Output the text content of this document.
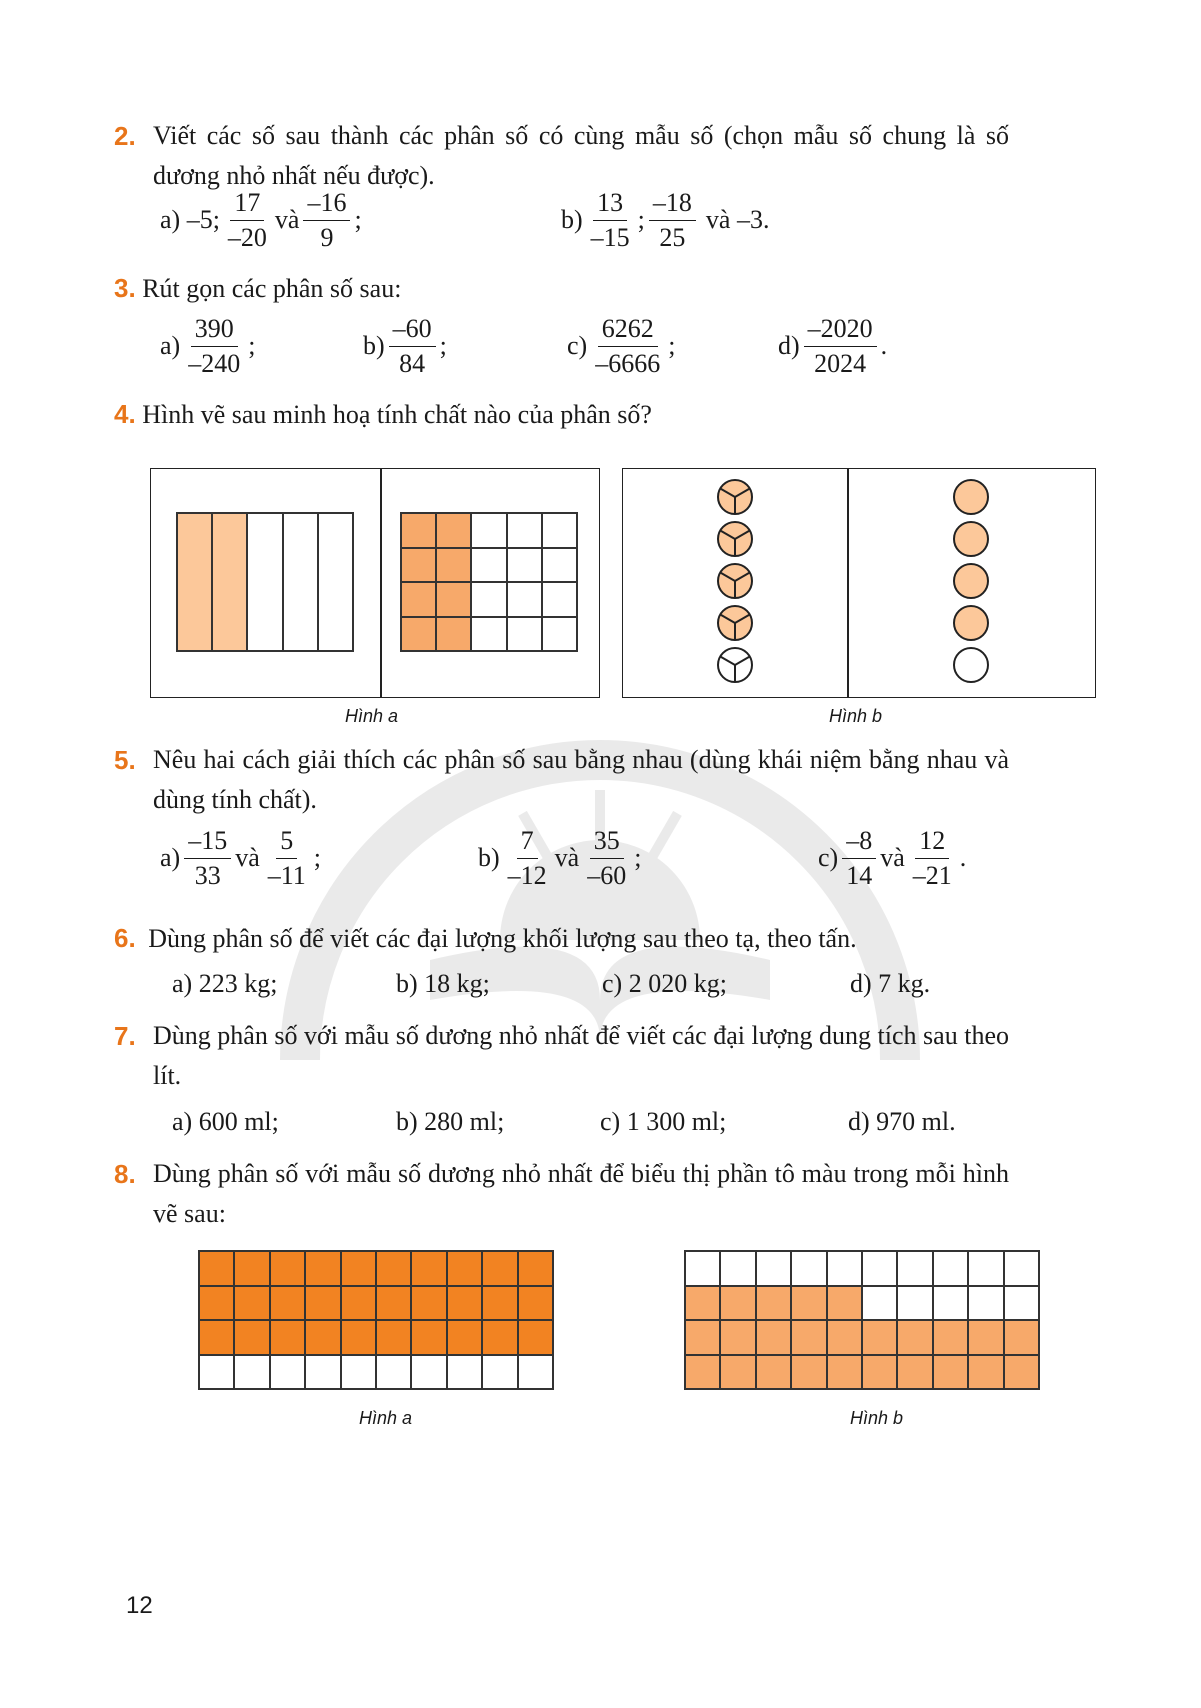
2. Viết các số sau thành các phân số có cùng mẫu số (chọn mẫu số chung là số dương nhỏ nhất nếu được).
a) –5; $\frac{17}{-20}$ và $\frac{-16}{9}$ ;	$b) \frac{13}{-15}$ ; $\frac{-18}{25}$ và –3.
3. Rút gọn các phân số sau:
$a) \frac{390}{-240}$ ;	$b) \frac{-60}{84}$ ;	$c) \frac{6262}{-6666}$ ;	$d) \frac{-2020}{2024}$ .
4. Hình vẽ sau minh hoạ tính chất nào của phân số?
Hình a	Hình b
5. Nêu hai cách giải thích các phân số sau bằng nhau (dùng khái niệm bằng nhau và dùng tính chất).
$a) \frac{-15}{33}$ và $\frac{5}{-11}$ ;	$b) \frac{7}{-12}$ và $\frac{35}{-60}$ ;	$c) \frac{-8}{14}$ và $\frac{12}{-21}$ .
6. Dùng phân số để viết các đại lượng khối lượng sau theo tạ, theo tấn.
a) 223 kg;	b) 18 kg;	c) 2 020 kg;	d) 7 kg.
7. Dùng phân số với mẫu số dương nhỏ nhất để viết các đại lượng dung tích sau theo lít.
a) 600 ml;	b) 280 ml;	c) 1 300 ml;	d) 970 ml.
8. Dùng phân số với mẫu số dương nhỏ nhất để biểu thị phần tô màu trong mỗi hình vẽ sau:
Hình a	Hình b
12
